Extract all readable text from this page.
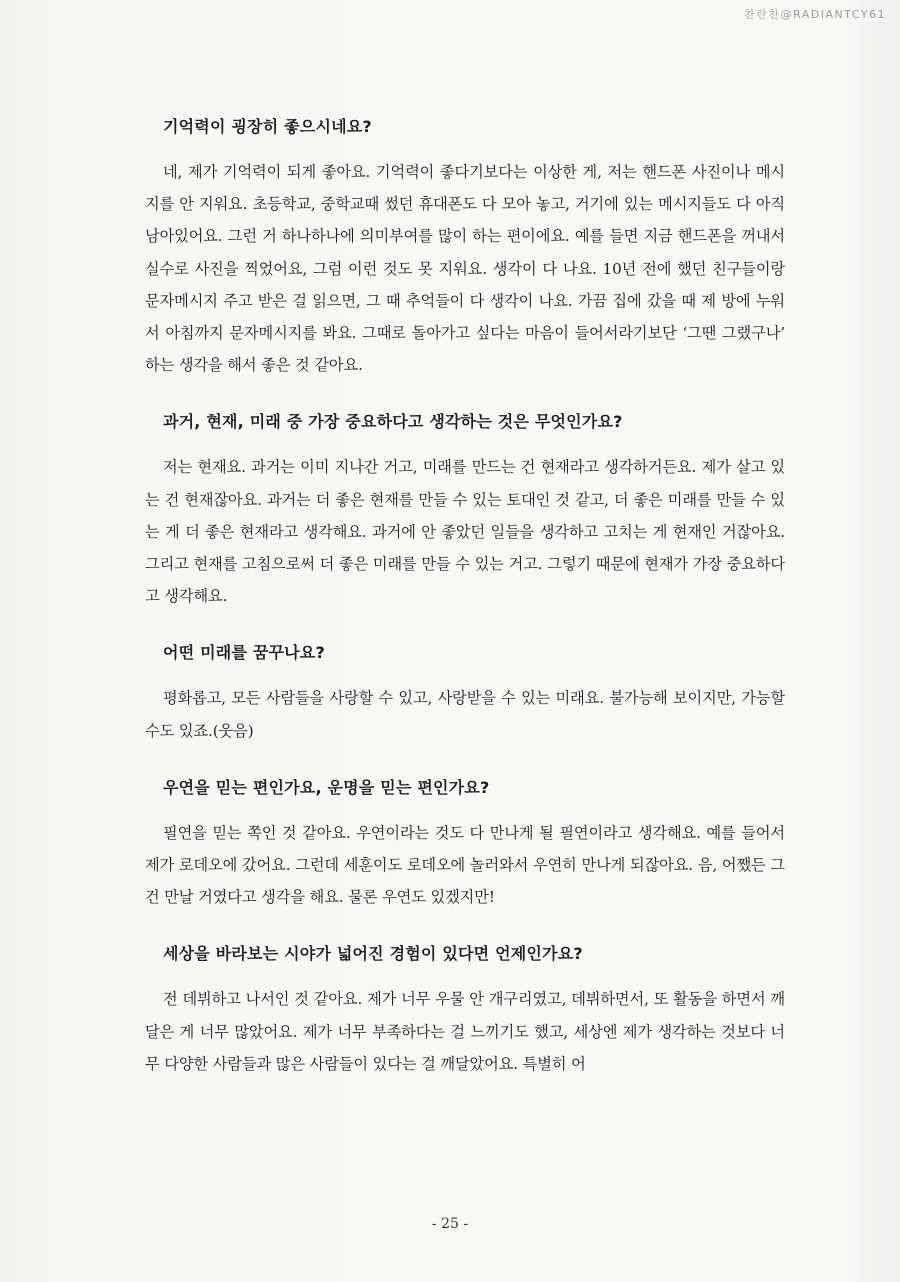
찬란찬@RADIANTCY61
기억력이 굉장히 좋으시네요?

네, 제가 기억력이 되게 좋아요. 기억력이 좋다기보다는 이상한 게, 저는 핸드폰 사진이나 메시지를 안 지워요. 초등학교, 중학교때 썼던 휴대폰도 다 모아 놓고, 거기에 있는 메시지들도 다 아직 남아있어요. 그런 거 하나하나에 의미부여를 많이 하는 편이에요. 예를 들면 지금 핸드폰을 꺼내서 실수로 사진을 찍었어요, 그럼 이런 것도 못 지워요. 생각이 다 나요. 10년 전에 했던 친구들이랑 문자메시지 주고 받은 걸 읽으면, 그 때 추억들이 다 생각이 나요. 가끔 집에 갔을 때 제 방에 누워서 아침까지 문자메시지를 봐요. 그때로 돌아가고 싶다는 마음이 들어서라기보단 ‘그땐 그랬구나’ 하는 생각을 해서 좋은 것 같아요.

과거, 현재, 미래 중 가장 중요하다고 생각하는 것은 무엇인가요?

저는 현재요. 과거는 이미 지나간 거고, 미래를 만드는 건 현재라고 생각하거든요. 제가 살고 있는 건 현재잖아요. 과거는 더 좋은 현재를 만들 수 있는 토대인 것 같고, 더 좋은 미래를 만들 수 있는 게 더 좋은 현재라고 생각해요. 과거에 안 좋았던 일들을 생각하고 고치는 게 현재인 거잖아요. 그리고 현재를 고침으로써 더 좋은 미래를 만들 수 있는 거고. 그렇기 때문에 현재가 가장 중요하다고 생각해요.

어떤 미래를 꿈꾸나요?

평화롭고, 모든 사람들을 사랑할 수 있고, 사랑받을 수 있는 미래요. 불가능해 보이지만, 가능할 수도 있죠.(웃음)

우연을 믿는 편인가요, 운명을 믿는 편인가요?

필연을 믿는 쪽인 것 같아요. 우연이라는 것도 다 만나게 될 필연이라고 생각해요. 예를 들어서 제가 로데오에 갔어요. 그런데 세훈이도 로데오에 놀러와서 우연히 만나게 되잖아요. 음, 어쨌든 그건 만날 거였다고 생각을 해요. 물론 우연도 있겠지만!

세상을 바라보는 시야가 넓어진 경험이 있다면 언제인가요?

전 데뷔하고 나서인 것 같아요. 제가 너무 우물 안 개구리였고, 데뷔하면서, 또 활동을 하면서 깨달은 게 너무 많았어요. 제가 너무 부족하다는 걸 느끼기도 했고, 세상엔 제가 생각하는 것보다 너무 다양한 사람들과 많은 사람들이 있다는 걸 깨달았어요. 특별히 어

- 25 -
